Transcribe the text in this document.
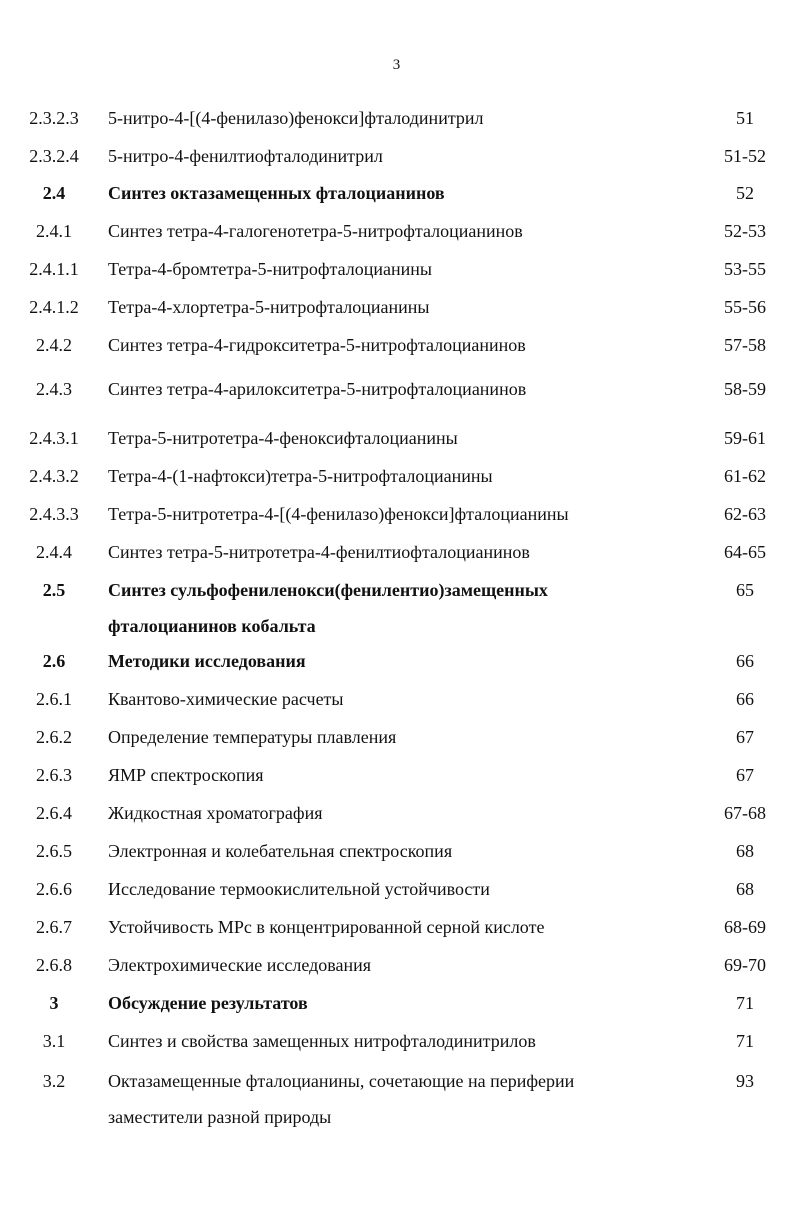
3
2.3.2.3	5-нитро-4-[(4-фенилазо)фенокси]фталодинитрил	51
2.3.2.4	5-нитро-4-фенилтиофталодинитрил	51-52
2.4	Синтез октазамещенных фталоцианинов	52
2.4.1	Синтез тетра-4-галогенотетра-5-нитрофталоцианинов	52-53
2.4.1.1	Тетра-4-бромтетра-5-нитрофталоцианины	53-55
2.4.1.2	Тетра-4-хлортетра-5-нитрофталоцианины	55-56
2.4.2	Синтез тетра-4-гидрокситетра-5-нитрофталоцианинов	57-58
2.4.3	Синтез тетра-4-арилокситетра-5-нитрофталоцианинов	58-59
2.4.3.1	Тетра-5-нитротетра-4-феноксифталоцианины	59-61
2.4.3.2	Тетра-4-(1-нафтокси)тетра-5-нитрофталоцианины	61-62
2.4.3.3	Тетра-5-нитротетра-4-[(4-фенилазо)фенокси]фталоцианины	62-63
2.4.4	Синтез тетра-5-нитротетра-4-фенилтиофталоцианинов	64-65
2.5	Синтез сульфофениленокси(фенилентио)замещенных	65
фталоцианинов кобальта
2.6	Методики исследования	66
2.6.1	Квантово-химические расчеты	66
2.6.2	Определение температуры плавления	67
2.6.3	ЯМР спектроскопия	67
2.6.4	Жидкостная хроматография	67-68
2.6.5	Электронная и колебательная спектроскопия	68
2.6.6	Исследование термоокислительной устойчивости	68
2.6.7	Устойчивость MPc в концентрированной серной кислоте	68-69
2.6.8	Электрохимические исследования	69-70
3	Обсуждение результатов	71
3.1	Синтез и свойства замещенных нитрофталодинитрилов	71
3.2	Октазамещенные фталоцианины, сочетающие на периферии	93
заместители разной природы
